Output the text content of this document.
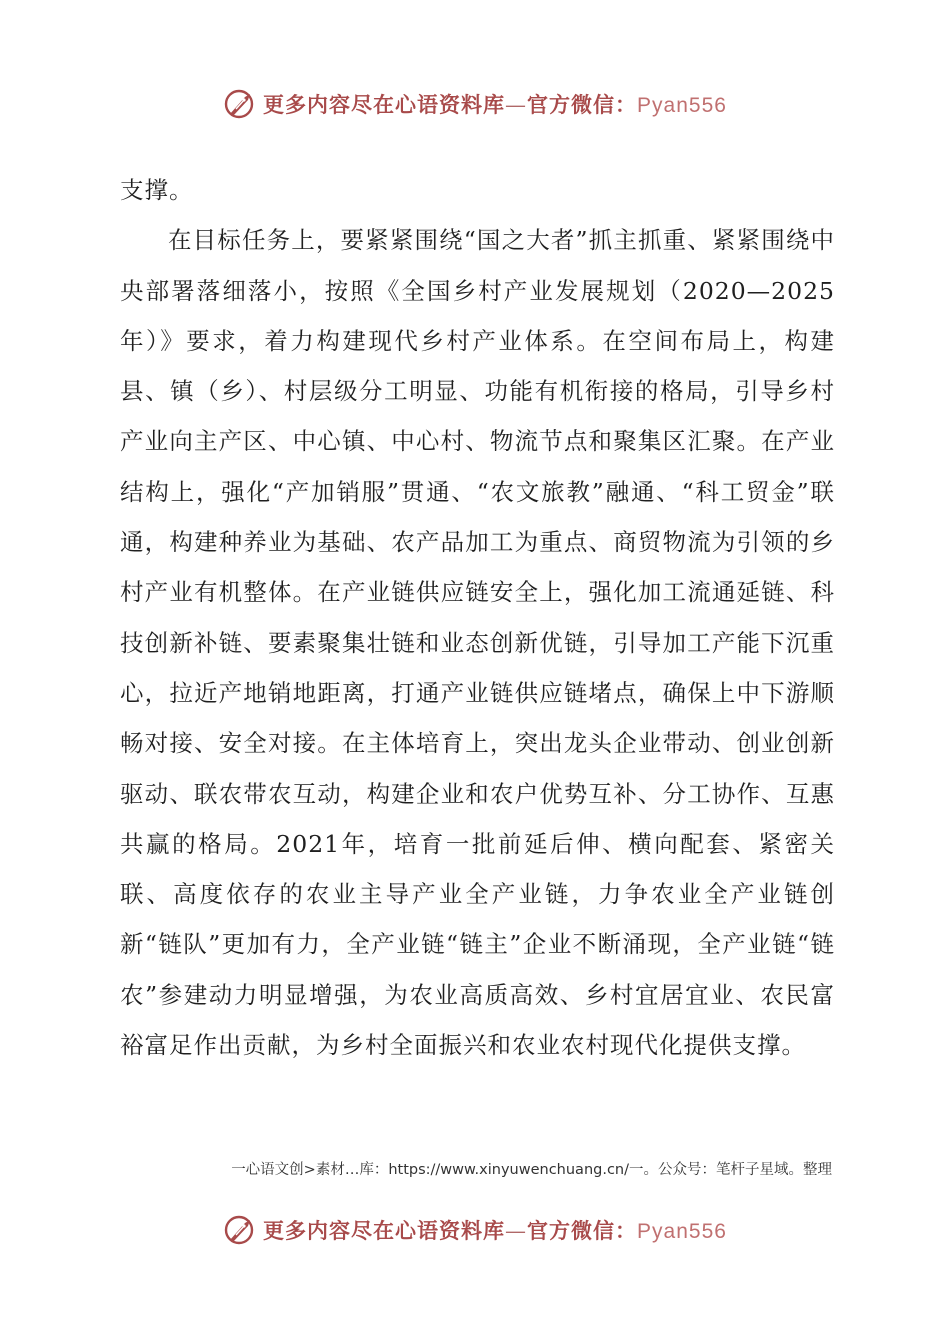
更多内容尽在心语资料库—官方微信：Pyan556

支撑。

在目标任务上，要紧紧围绕“国之大者”抓主抓重、紧紧围绕中央部署落细落小，按照《全国乡村产业发展规划（2020—2025年）》要求，着力构建现代乡村产业体系。在空间布局上，构建县、镇（乡）、村层级分工明显、功能有机衔接的格局，引导乡村产业向主产区、中心镇、中心村、物流节点和聚集区汇聚。在产业结构上，强化“产加销服”贯通、“农文旅教”融通、“科工贸金”联通，构建种养业为基础、农产品加工为重点、商贸物流为引领的乡村产业有机整体。在产业链供应链安全上，强化加工流通延链、科技创新补链、要素聚集壮链和业态创新优链，引导加工产能下沉重心，拉近产地销地距离，打通产业链供应链堵点，确保上中下游顺畅对接、安全对接。在主体培育上，突出龙头企业带动、创业创新驱动、联农带农互动，构建企业和农户优势互补、分工协作、互惠共赢的格局。2021年，培育一批前延后伸、横向配套、紧密关联、高度依存的农业主导产业全产业链，力争农业全产业链创新“链队”更加有力，全产业链“链主”企业不断涌现，全产业链“链农”参建动力明显增强，为农业高质高效、乡村宜居宜业、农民富裕富足作出贡献，为乡村全面振兴和农业农村现代化提供支撑。

一心语文创>素材…库：https://www.xinyuwenchuang.cn/一。公众号：笔杆子星域。整理
更多内容尽在心语资料库—官方微信：Pyan556
